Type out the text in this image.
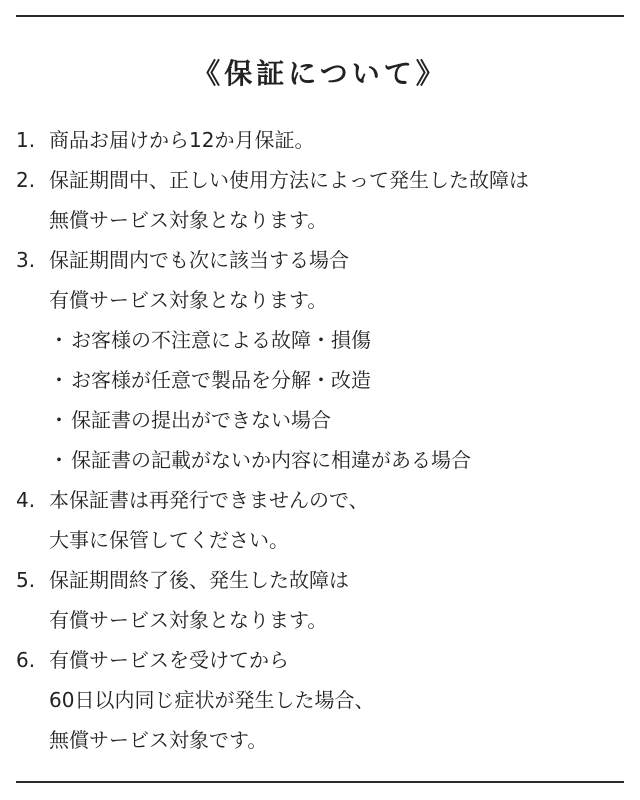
《保証について》
1. 商品お届けから12か月保証。
2. 保証期間中、正しい使用方法によって発生した故障は
無償サービス対象となります。
3. 保証期間内でも次に該当する場合
有償サービス対象となります。
・ お客様の不注意による故障・損傷
・ お客様が任意で製品を分解・改造
・ 保証書の提出ができない場合
・ 保証書の記載がないか内容に相違がある場合
4. 本保証書は再発行できませんので、
大事に保管してください。
5. 保証期間終了後、発生した故障は
有償サービス対象となります。
6. 有償サービスを受けてから
60日以内同じ症状が発生した場合、
無償サービス対象です。
